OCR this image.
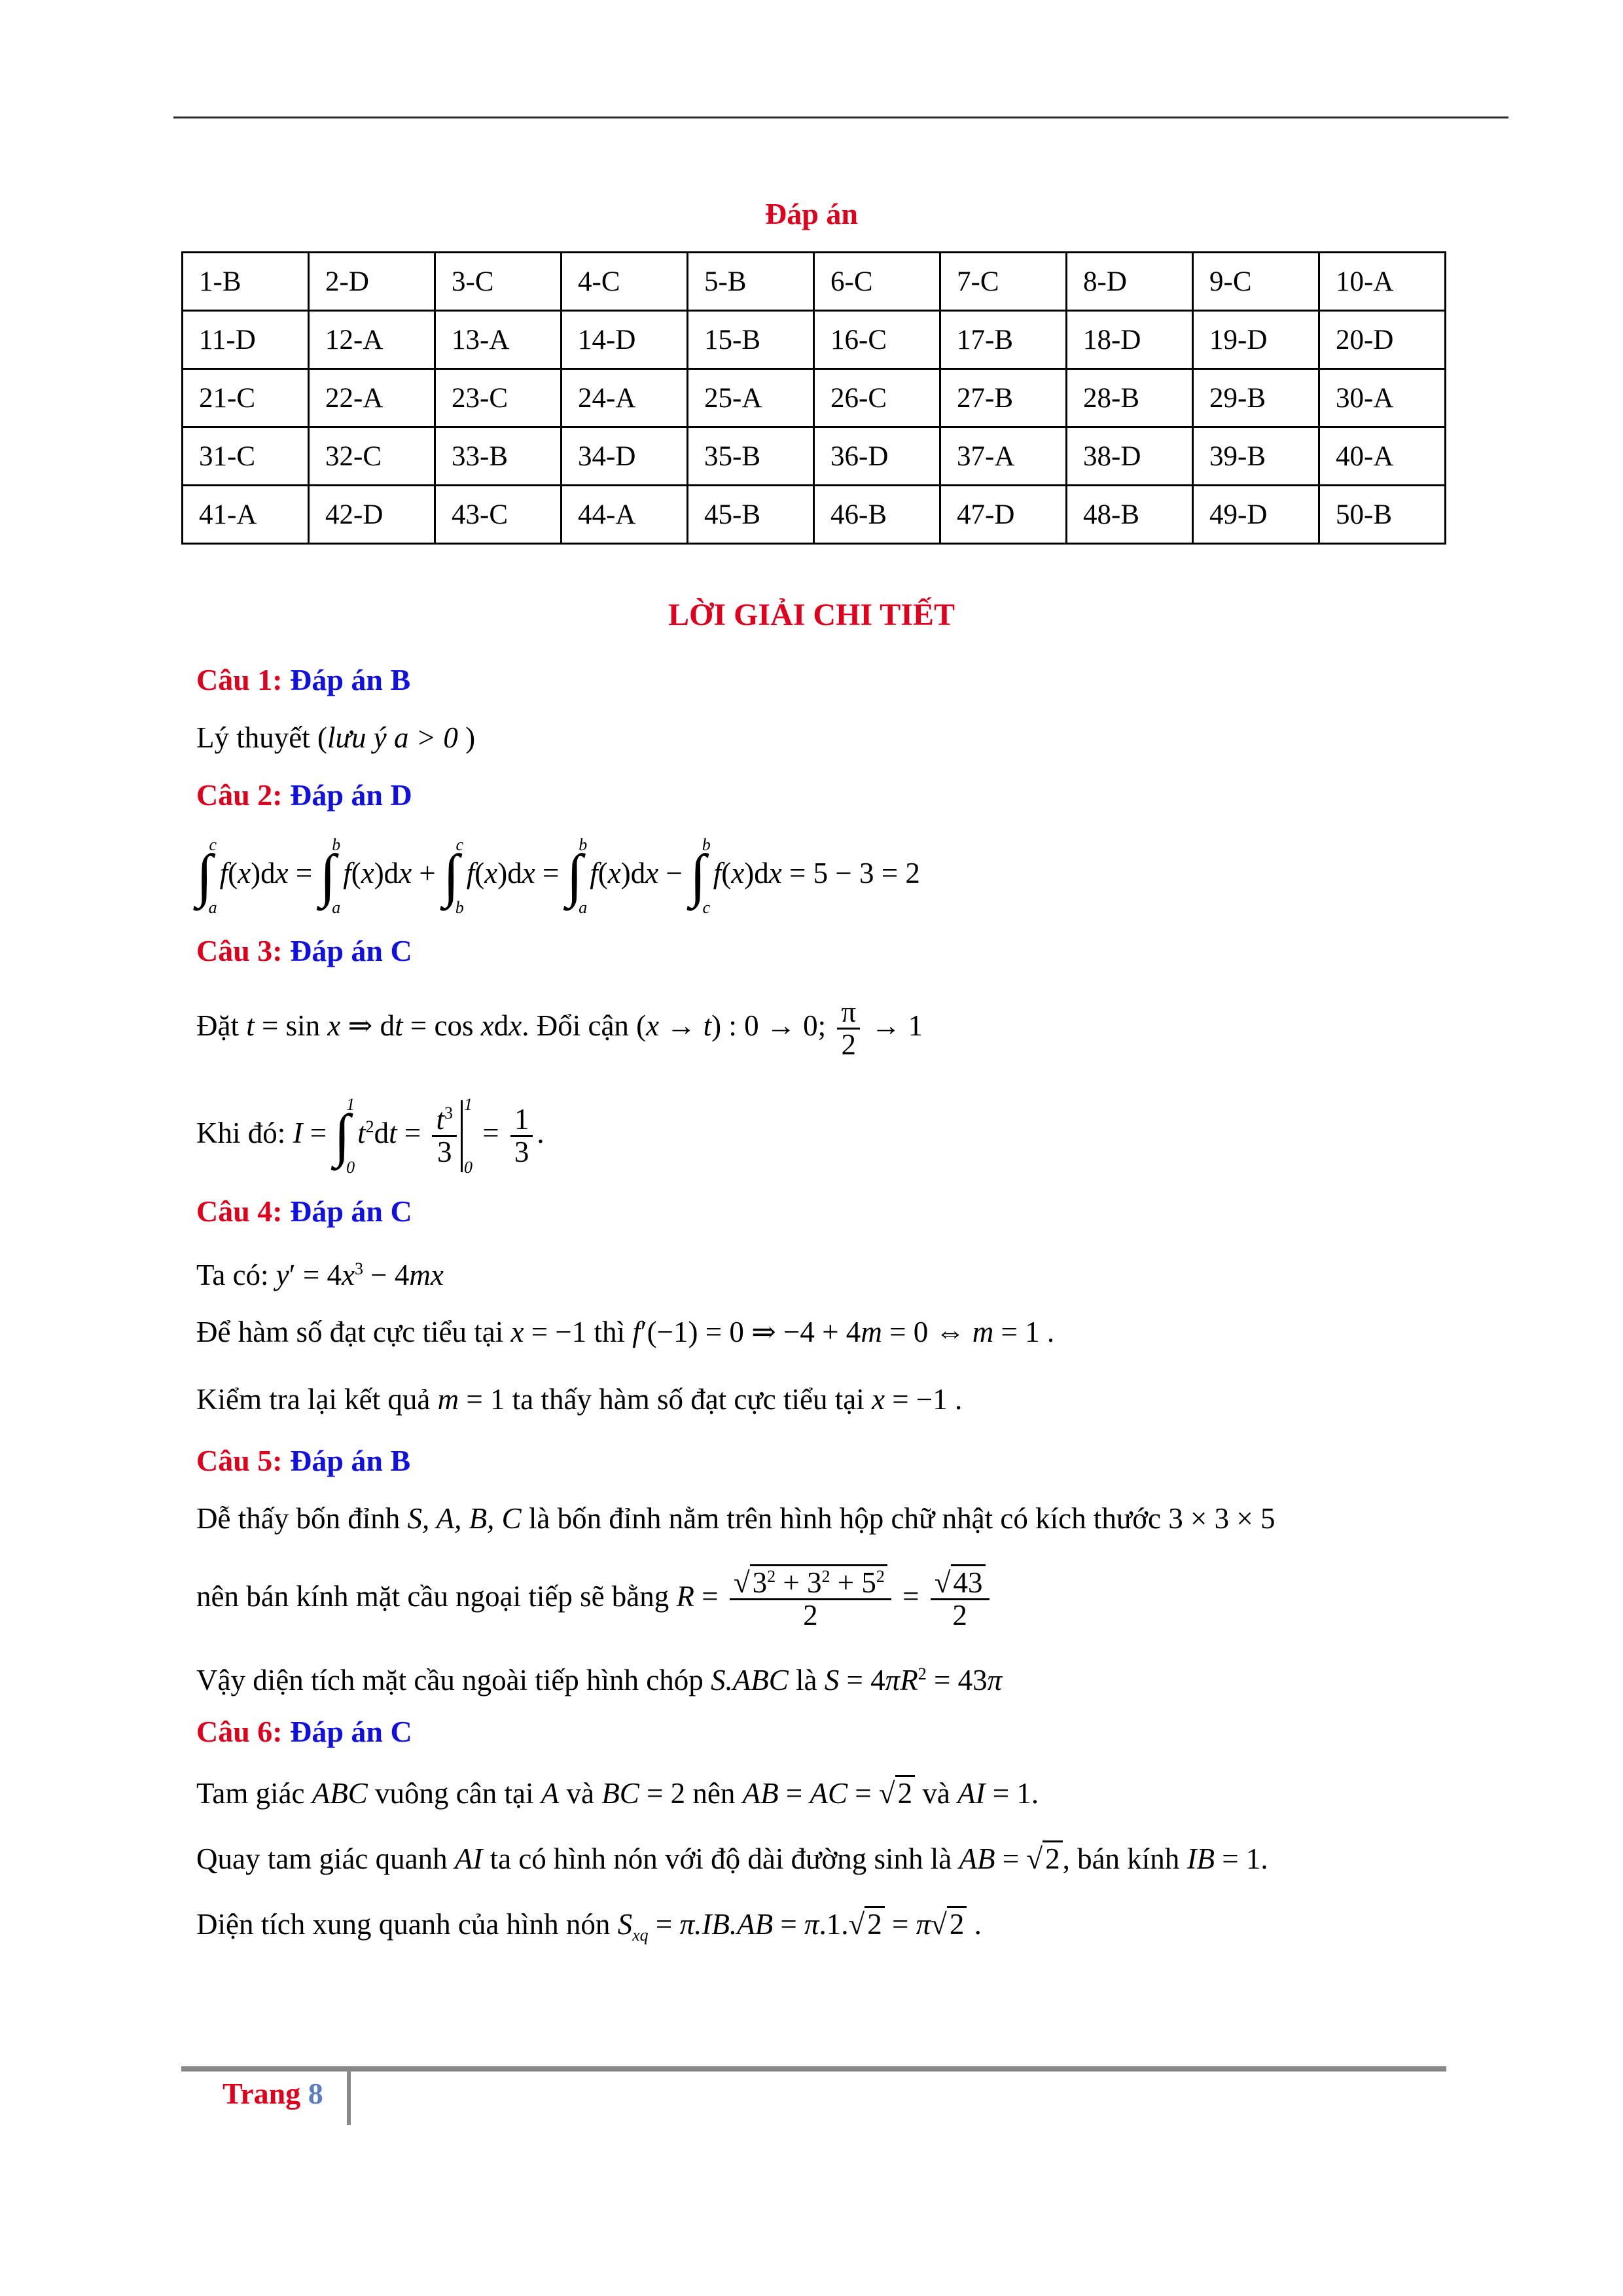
Đáp án
1-B	2-D	3-C	4-C	5-B	6-C	7-C	8-D	9-C	10-A
11-D	12-A	13-A	14-D	15-B	16-C	17-B	18-D	19-D	20-D
21-C	22-A	23-C	24-A	25-A	26-C	27-B	28-B	29-B	30-A
31-C	32-C	33-B	34-D	35-B	36-D	37-A	38-D	39-B	40-A
41-A	42-D	43-C	44-A	45-B	46-B	47-D	48-B	49-D	50-B
LỜI GIẢI CHI TIẾT
Câu 1: Đáp án B
Lý thuyết (lưu ý a > 0 )
Câu 2: Đáp án D
∫
c
a
f(x)dx = ∫
b
a
f(x)dx + ∫
c
b
f(x)dx = ∫
b
a
f(x)dx − ∫
b
c
f(x)dx = 5 − 3 = 2
Câu 3: Đáp án C
Đặt t = sin x ⇒ dt = cos xdx. Đổi cận (x → t) : 0 → 0; $\frac{\pi}{2} \to 1$
Khi đó: I = ∫
1
0
$t^2dt = \frac{t^3}{3} 1$
0
= $\frac{1}{3}$ .
Câu 4: Đáp án C
Ta có: $y' = 4x^3 - 4mx$
Để hàm số đạt cực tiểu tại x = −1 thì f′(−1) = 0 ⇒ −4 + 4m = 0 ⇔ m = 1 .
Kiểm tra lại kết quả m = 1 ta thấy hàm số đạt cực tiểu tại x = −1 .
Câu 5: Đáp án B
Dễ thấy bốn đỉnh S, A, B, C là bốn đỉnh nằm trên hình hộp chữ nhật có kích thước 3 × 3 × 5
nên bán kính mặt cầu ngoại tiếp sẽ bằng $R = \frac{√3^2 + 3^2 + 5^2}{2} = \frac{√43}{2}$
Vậy diện tích mặt cầu ngoài tiếp hình chóp S.ABC là $S = 4\pi R^2 = 43\pi$
Câu 6: Đáp án C
Tam giác ABC vuông cân tại A và BC = 2 nên AB = AC = √2 và AI = 1.
Quay tam giác quanh AI ta có hình nón với độ dài đường sinh là AB = √2, bán kính IB = 1.
Diện tích xung quanh của hình nón $S_{xq} = \pi.IB.AB = \pi.1.√2 = \pi√2$ .
Trang 8
